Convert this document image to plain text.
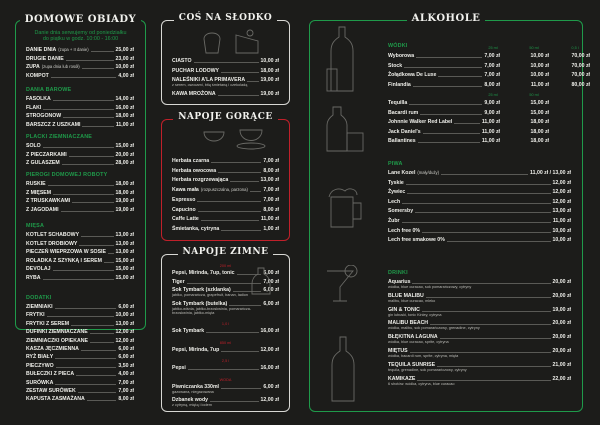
DOMOWE OBIADY
Danie dnia serwujemy od poniedziałku
do piątku w godz. 10:00 - 16:00
DANIE DNIA (zupa + II danie)	25,00 zł
DRUGIE DANIE	23,00 zł
ZUPA (zupa dnia lub rosół)	10,00 zł
KOMPOT	4,00 zł
DANIA BAROWE
FASOLKA	14,00 zł
FLAKI	16,00 zł
STROGONOW	18,00 zł
BARSZCZ Z USZKAMI	11,00 zł
PLACKI ZIEMNIACZANE
SOLO	15,00 zł
Z PIECZARKAMI	20,00 zł
Z GULASZEM	28,00 zł
PIEROGI DOMOWEJ ROBOTY
RUSKIE	18,00 zł
Z MIĘSEM	18,00 zł
Z TRUSKAWKAMI	19,00 zł
Z JAGODAMI	19,00 zł
MIĘSA
KOTLET SCHABOWY	13,00 zł
KOTLET DROBIOWY	13,00 zł
PIECZEŃ WIEPRZOWA W SOSIE 13,00 zł
ROLADKA Z SZYNKĄ I SEREM	15,00 zł
DEVOLAJ	15,00 zł
RYBA	15,00 zł
DODATKI
ZIEMNIAKI	6,00 zł
FRYTKI	10,00 zł
FRYTKI Z SEREM	13,00 zł
DUFINKI ZIEMNIACZANE	12,00 zł
ZIEMNIACZKI OPIEKANE	12,00 zł
KASZA JĘCZMIENNA	6,00 zł
RYŻ BIAŁY	6,00 zł
PIECZYWO	3,50 zł
BUŁECZKI Z PIECA	4,00 zł
SURÓWKA	7,00 zł
ZESTAW SURÓWEK	7,00 zł
KAPUSTA ZASMAŻANA	8,00 zł
COŚ NA SŁODKO
CIASTO	10,00 zł
PUCHAR LODOWY	18,00 zł
NALEŚNIKI A'LA PRIMAVERA	19,00 zł
z serem, owocami, bitą śmietaną i czekoladą
KAWA MROŻONA	19,00 zł
NAPOJE GORĄCE
Herbata czarna	7,00 zł
Herbata owocowa	8,00 zł
Herbata rozgrzewająca	13,00 zł
Kawa mała (rozpuszczalna, parzona)	7,00 zł
Espresso	7,00 zł
Capucino	8,00 zł
Caffe Latte	11,00 zł
Śmietanka, cytryna	1,00 zł
NAPOJE ZIMNE
200 ml
Pepsi, Mirinda, 7up, tonic	6,00 zł
Tiger	7,00 zł
Sok Tymbark (szklanka)	6,00 zł
jabłko, pomarańcza, grapefruit, banan, ładion
Sok Tymbark (butelka)	6,00 zł
jabłko-wiśnia, jabłko-brzoskwinia, pomarańcza-brzoskwinia, jabłko-mięta
1,0 l
Sok Tymbark	16,00 zł
850 ml
Pepsi, Mirinda, 7up	12,00 zł
2,5 l
Pepsi	16,00 zł
WODA
Piwniczanka 330ml	6,00 zł
gazowana, niegazowana
Dzbanek wody	12,00 zł
z cytryną, miętą i lodem
ALKOHOLE
WÓDKI	25 ml	50 ml	0,5 l
Wyborowa	7,00 zł	10,00 zł	70,00 zł
Stock	7,00 zł	10,00 zł	70,00 zł
Żołądkowa De Luxe	7,00 zł	10,00 zł	70,00 zł
Finlandia	8,00 zł	11,00 zł	80,00 zł
25 ml	50 ml
Tequilla	9,00 zł	15,00 zł
Bacardi rum	9,00 zł	15,00 zł
Johnnie Walker Red Label	11,00 zł	18,00 zł
Jack Daniel's	11,00 zł	18,00 zł
Ballantines	11,00 zł	18,00 zł
PIWA
Lane Kozel (mały/duży)	11,00 zł / 13,00 zł
Tyskie	12,00 zł
Żywiec	12,00 zł
Lech	12,00 zł
Somersby	13,00 zł
Żubr	11,00 zł
Lech free 0%	10,00 zł
Lech free smakowe 0%	10,00 zł
DRINKI
Aquarius	20,00 zł
wódka, blue curacao, sok pomarańczowy, cytryny
BLUE MALIBU	20,00 zł
malibu, blue curacao, mleko
GIN & TONIC	19,00 zł
gin lubuski, tonic Kinley, cytryna
MALIBU BEACH	20,00 zł
wódka, malibu, sok pomarańczowy, grenadine, cytryny
BŁĘKITNA LAGUNA	20,00 zł
wódka, blue curacao, sprite, cytryna
MIĘTUS	20,00 zł
wódka, bacardi rum, sprite, cytryna, mięta
TEQUILA SUNRISE	21,00 zł
tequila, grenadine, sok pomarańczowy, cytryny
KAMIKAZE	22,00 zł
6 shotów: wódka, cytryna, blue curacao
